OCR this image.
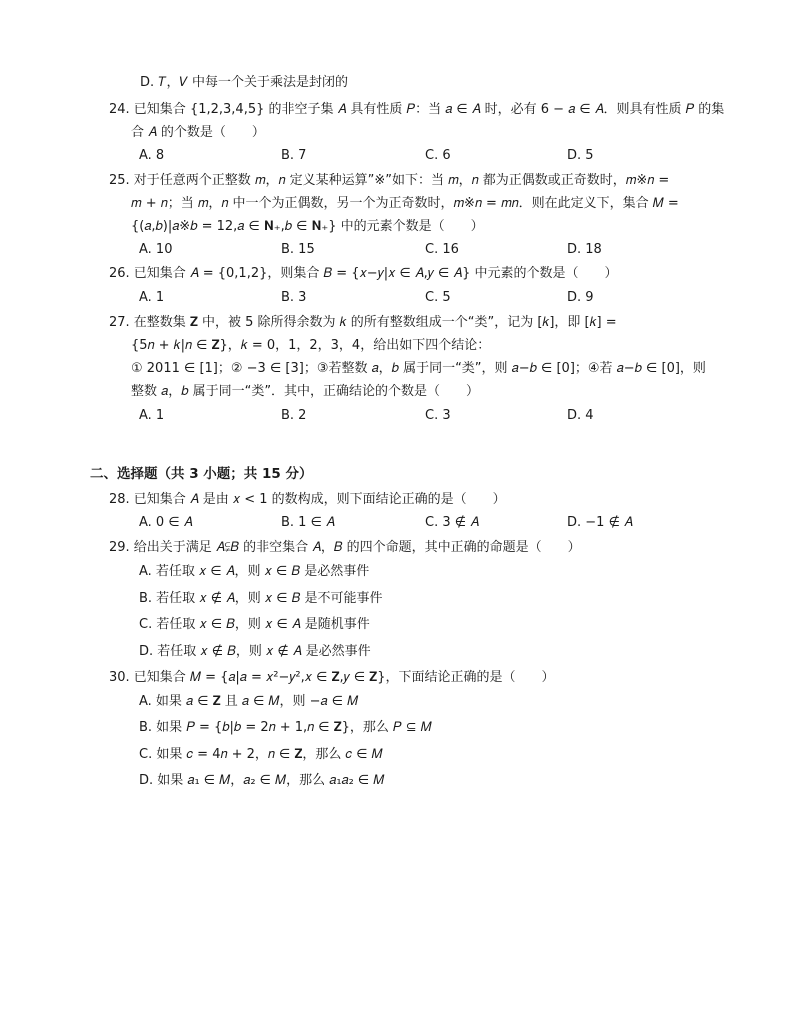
D. 𝑇，𝑉 中每一个关于乘法是封闭的
24. 已知集合 {1,2,3,4,5} 的非空子集 𝐴 具有性质 𝑃：当 𝑎 ∈ 𝐴 时，必有 6 − 𝑎 ∈ 𝐴．则具有性质 𝑃 的集
合 𝐴 的个数是（　　）
A. 8	B. 7	C. 6	D. 5
25. 对于任意两个正整数 𝑚，𝑛 定义某种运算”※”如下：当 𝑚，𝑛 都为正偶数或正奇数时，𝑚※𝑛 =
𝑚 + 𝑛；当 𝑚，𝑛 中一个为正偶数，另一个为正奇数时，𝑚※𝑛 = 𝑚𝑛．则在此定义下，集合 𝑀 =
{(𝑎,𝑏)|𝑎※𝑏 = 12,𝑎 ∈ 𝐍₊,𝑏 ∈ 𝐍₊} 中的元素个数是（　　）
A. 10	B. 15	C. 16	D. 18
26. 已知集合 𝐴 = {0,1,2}，则集合 𝐵 = {𝑥−𝑦|𝑥 ∈ 𝐴,𝑦 ∈ 𝐴} 中元素的个数是（　　）
A. 1	B. 3	C. 5	D. 9
27. 在整数集 𝐙 中，被 5 除所得余数为 𝑘 的所有整数组成一个“类”，记为 [𝑘]，即 [𝑘] =
{5𝑛 + 𝑘|𝑛 ∈ 𝐙}，𝑘 = 0，1，2，3，4，给出如下四个结论：
① 2011 ∈ [1]；② −3 ∈ [3]；③若整数 𝑎，𝑏 属于同一“类”，则 𝑎−𝑏 ∈ [0]；④若 𝑎−𝑏 ∈ [0]，则
整数 𝑎，𝑏 属于同一“类”．其中，正确结论的个数是（　　）
A. 1	B. 2	C. 3	D. 4
二、选择题（共 3 小题；共 15 分）
28. 已知集合 𝐴 是由 𝑥 < 1 的数构成，则下面结论正确的是（　　）
A. 0 ∈ 𝐴	B. 1 ∈ 𝐴	C. 3 ∉ 𝐴	D. −1 ∉ 𝐴
29. 给出关于满足 𝐴⫋𝐵 的非空集合 𝐴，𝐵 的四个命题，其中正确的命题是（　　）
A. 若任取 𝑥 ∈ 𝐴，则 𝑥 ∈ 𝐵 是必然事件
B. 若任取 𝑥 ∉ 𝐴，则 𝑥 ∈ 𝐵 是不可能事件
C. 若任取 𝑥 ∈ 𝐵，则 𝑥 ∈ 𝐴 是随机事件
D. 若任取 𝑥 ∉ 𝐵，则 𝑥 ∉ 𝐴 是必然事件
30. 已知集合 𝑀 = {𝑎|𝑎 = 𝑥²−𝑦²,𝑥 ∈ 𝐙,𝑦 ∈ 𝐙}，下面结论正确的是（　　）
A. 如果 𝑎 ∈ 𝐙 且 𝑎 ∈ 𝑀，则 −𝑎 ∈ 𝑀
B. 如果 𝑃 = {𝑏|𝑏 = 2𝑛 + 1,𝑛 ∈ 𝐙}，那么 𝑃 ⊆ 𝑀
C. 如果 𝑐 = 4𝑛 + 2，𝑛 ∈ 𝐙，那么 𝑐 ∈ 𝑀
D. 如果 𝑎₁ ∈ 𝑀，𝑎₂ ∈ 𝑀，那么 𝑎₁𝑎₂ ∈ 𝑀
